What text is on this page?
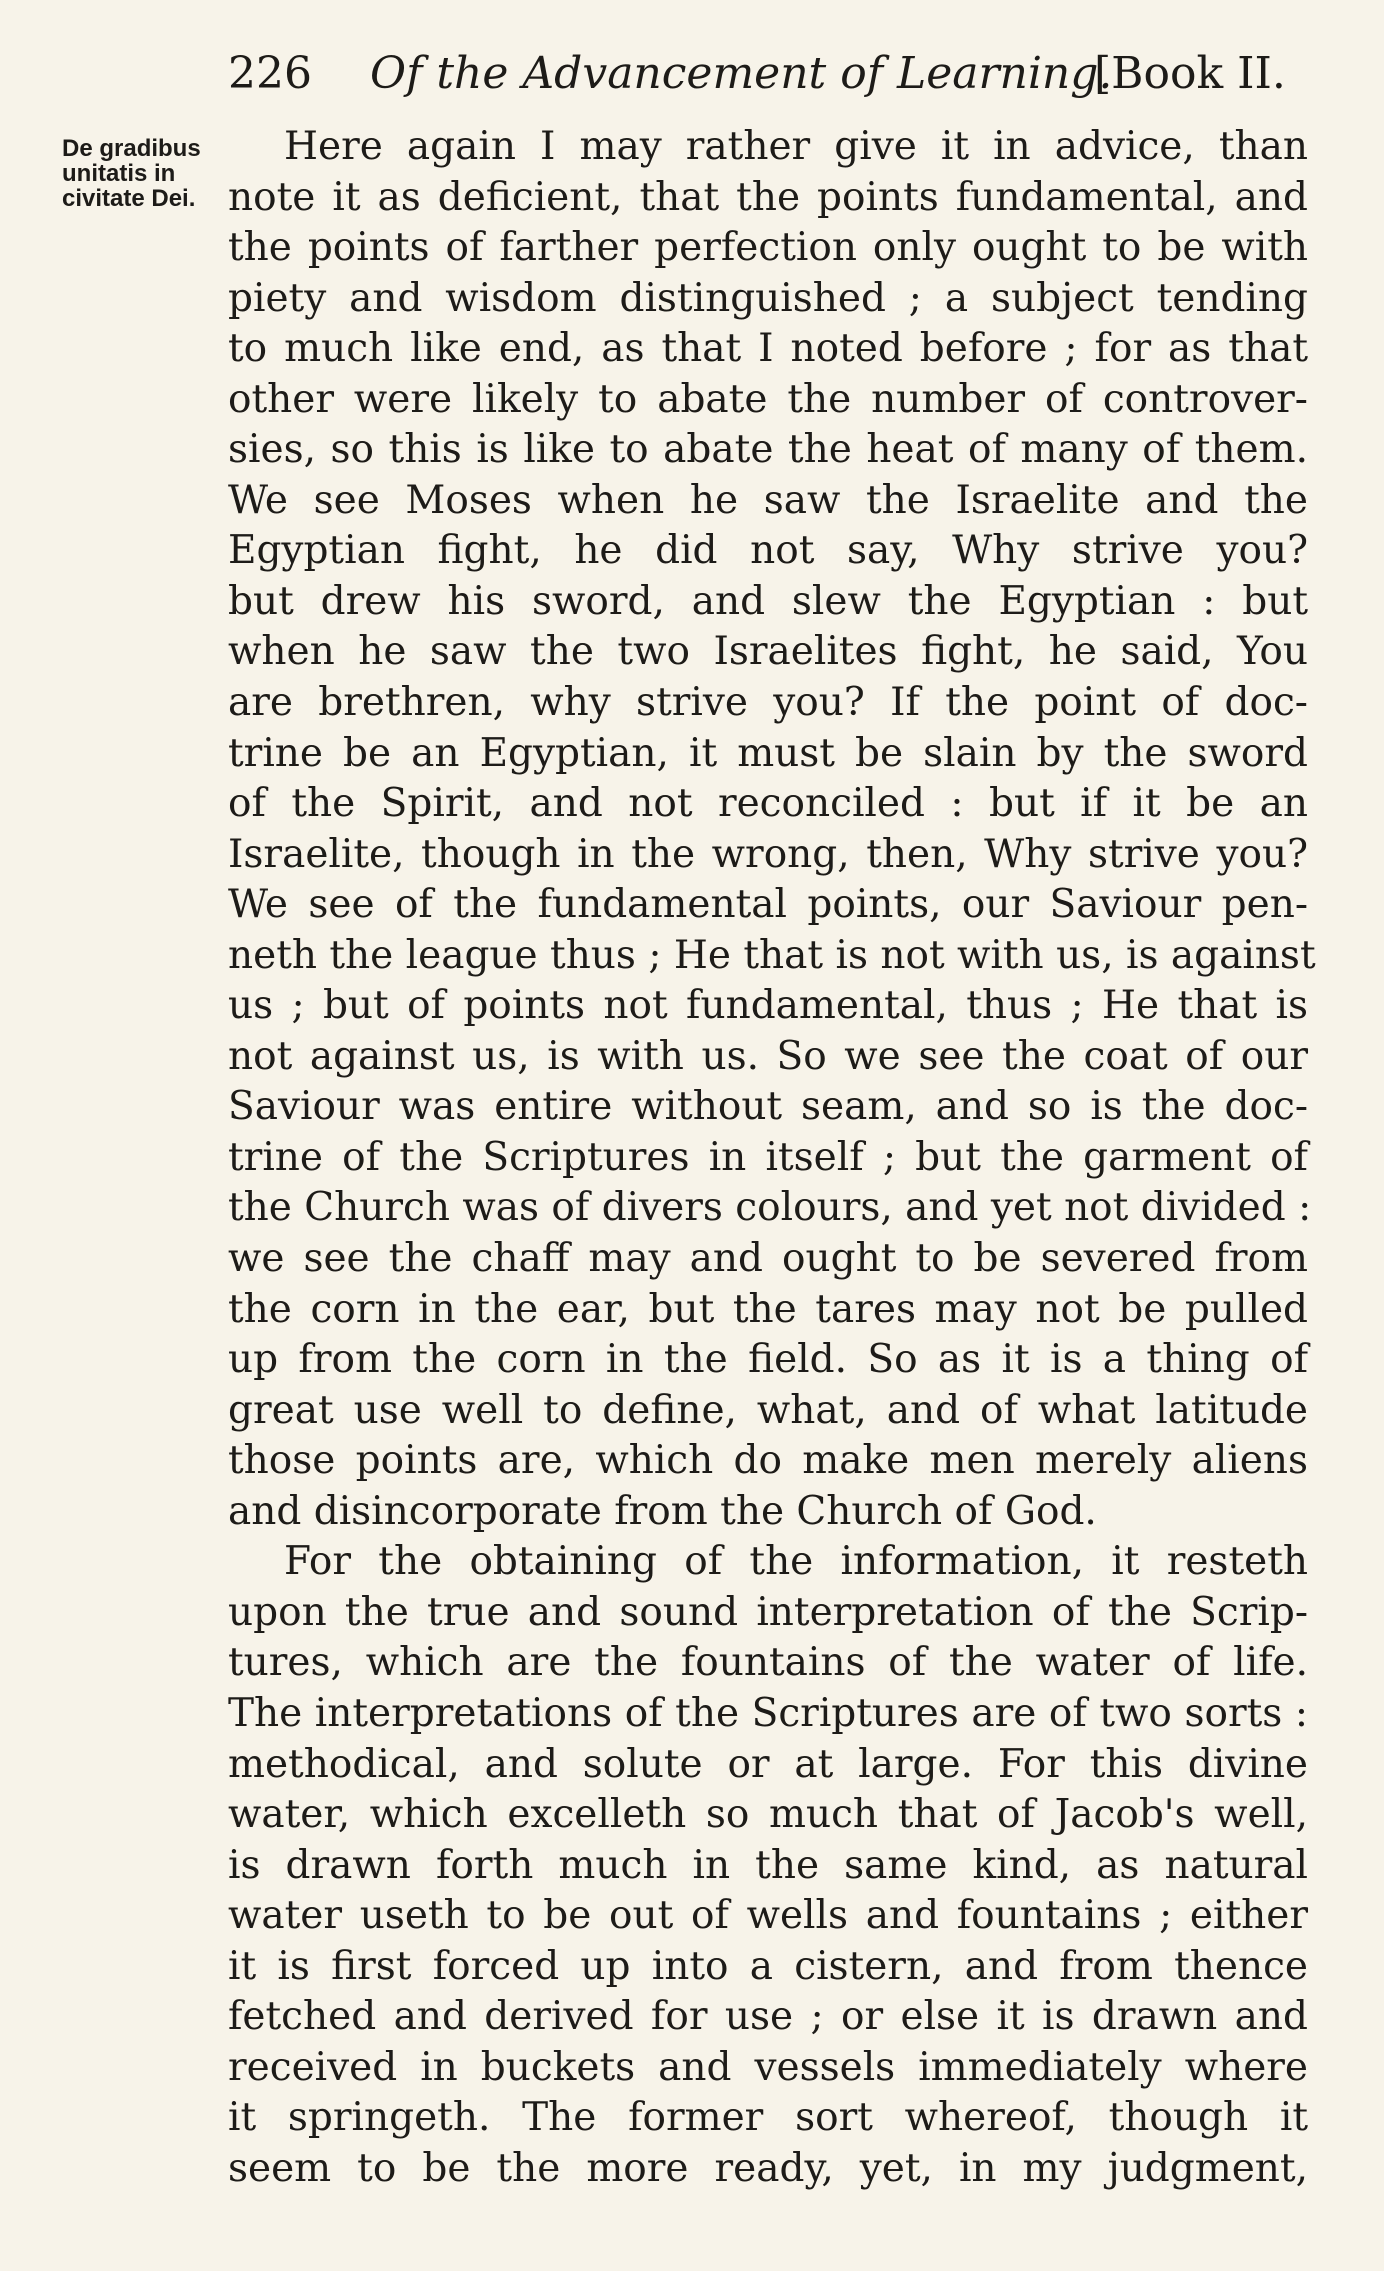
226 Of the Advancement of Learning.
[Book II.
De gradibus
unitatis in
civitate Dei.
Here again I may rather give it in advice, than
note it as deficient, that the points fundamental, and
the points of farther perfection only ought to be with
piety and wisdom distinguished ; a subject tending
to much like end, as that I noted before ; for as that
other were likely to abate the number of controver-
sies, so this is like to abate the heat of many of them.
We see Moses when he saw the Israelite and the
Egyptian fight, he did not say, Why strive you?
but drew his sword, and slew the Egyptian : but
when he saw the two Israelites fight, he said, You
are brethren, why strive you? If the point of doc-
trine be an Egyptian, it must be slain by the sword
of the Spirit, and not reconciled : but if it be an
Israelite, though in the wrong, then, Why strive you?
We see of the fundamental points, our Saviour pen-
neth the league thus ; He that is not with us, is against
us ; but of points not fundamental, thus ; He that is
not against us, is with us. So we see the coat of our
Saviour was entire without seam, and so is the doc-
trine of the Scriptures in itself ; but the garment of
the Church was of divers colours, and yet not divided :
we see the chaff may and ought to be severed from
the corn in the ear, but the tares may not be pulled
up from the corn in the field. So as it is a thing of
great use well to define, what, and of what latitude
those points are, which do make men merely aliens
and disincorporate from the Church of God.
For the obtaining of the information, it resteth
upon the true and sound interpretation of the Scrip-
tures, which are the fountains of the water of life.
The interpretations of the Scriptures are of two sorts :
methodical, and solute or at large. For this divine
water, which excelleth so much that of Jacob's well,
is drawn forth much in the same kind, as natural
water useth to be out of wells and fountains ; either
it is first forced up into a cistern, and from thence
fetched and derived for use ; or else it is drawn and
received in buckets and vessels immediately where
it springeth. The former sort whereof, though it
seem to be the more ready, yet, in my judgment,
